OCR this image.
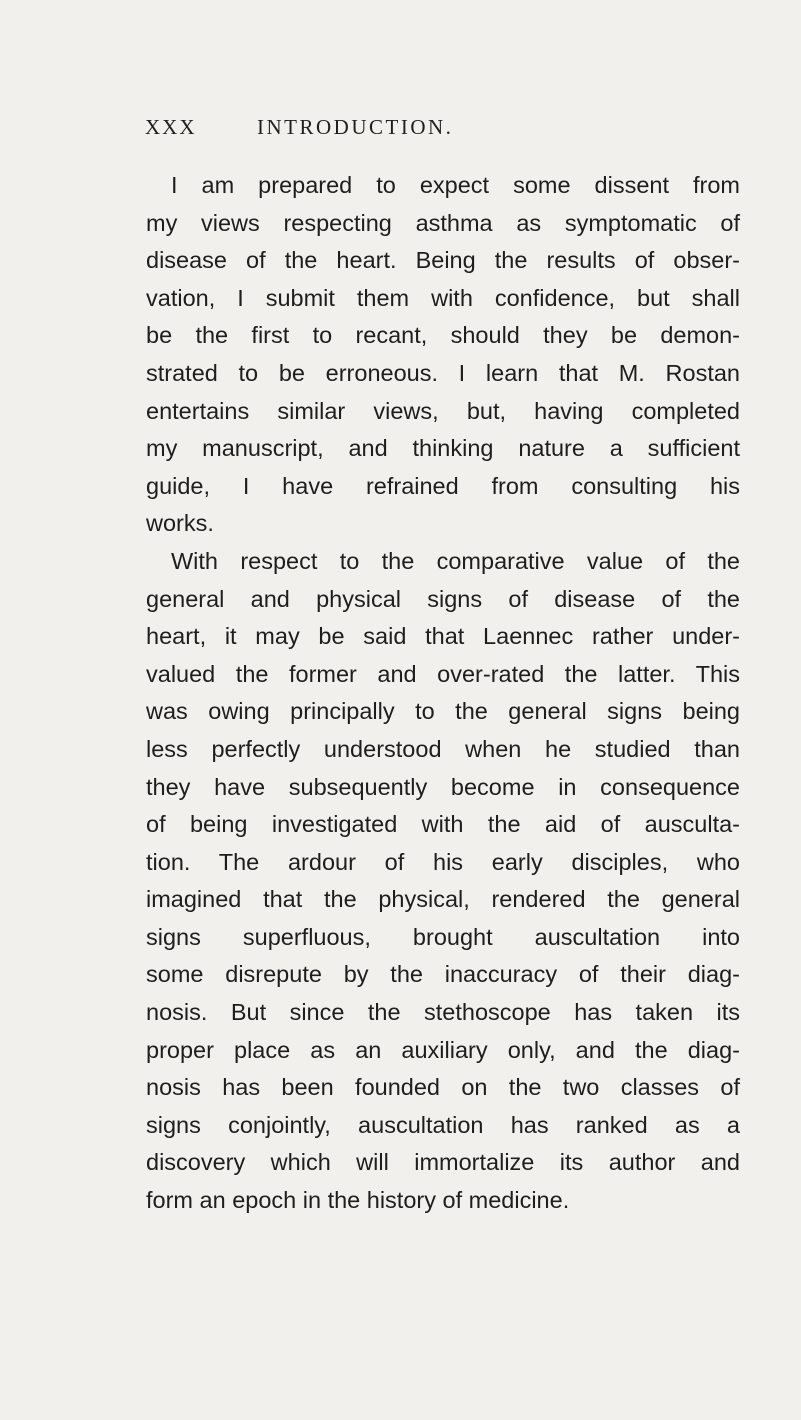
XXX	INTRODUCTION.
I am prepared to expect some dissent from
my views respecting asthma as symptomatic of
disease of the heart. Being the results of obser-
vation, I submit them with confidence, but shall
be the first to recant, should they be demon-
strated to be erroneous. I learn that M. Rostan
entertains similar views, but, having completed
my manuscript, and thinking nature a sufficient
guide, I have refrained from consulting his
works.
With respect to the comparative value of the
general and physical signs of disease of the
heart, it may be said that Laennec rather under-
valued the former and over-rated the latter. This
was owing principally to the general signs being
less perfectly understood when he studied than
they have subsequently become in consequence
of being investigated with the aid of ausculta-
tion. The ardour of his early disciples, who
imagined that the physical, rendered the general
signs superfluous, brought auscultation into
some disrepute by the inaccuracy of their diag-
nosis. But since the stethoscope has taken its
proper place as an auxiliary only, and the diag-
nosis has been founded on the two classes of
signs conjointly, auscultation has ranked as a
discovery which will immortalize its author and
form an epoch in the history of medicine.
